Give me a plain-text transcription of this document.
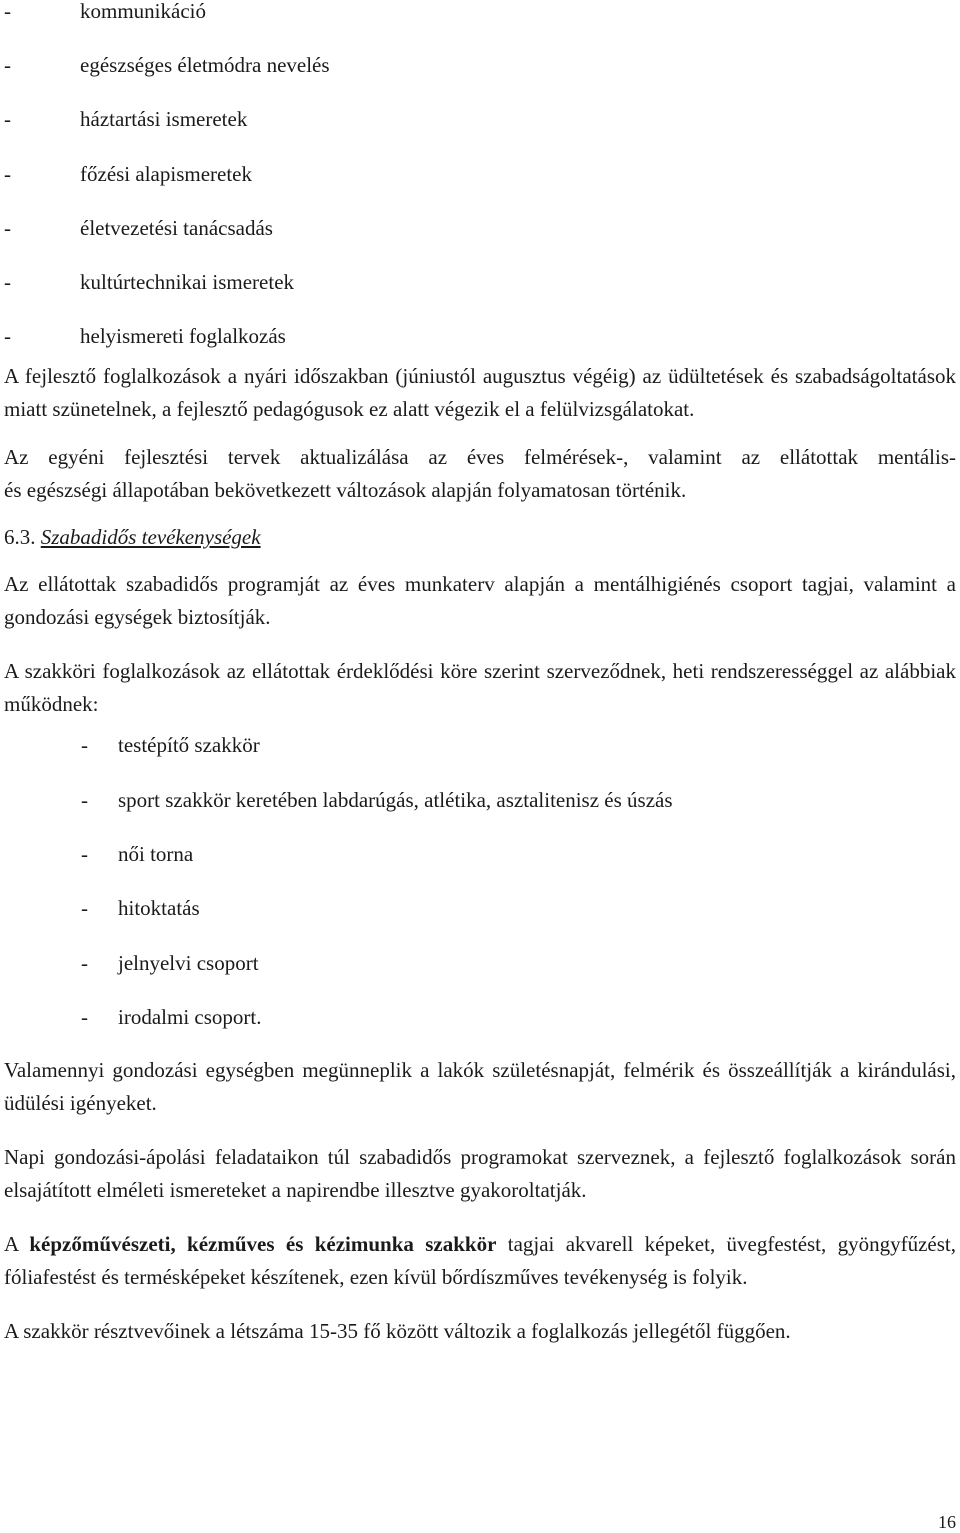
-	kommunikáció
-	egészséges életmódra nevelés
-	háztartási ismeretek
-	főzési alapismeretek
-	életvezetési tanácsadás
-	kultúrtechnikai ismeretek
-	helyismereti foglalkozás

A fejlesztő foglalkozások a nyári időszakban (júniustól augusztus végéig) az üdültetések és szabadságoltatások miatt szünetelnek, a fejlesztő pedagógusok ez alatt végezik el a felülvizsgálatokat.

Az egyéni fejlesztési tervek aktualizálása az éves felmérések-, valamint az ellátottak mentális-

és egészségi állapotában bekövetkezett változások alapján folyamatosan történik.

6.3. Szabadidős tevékenységek

Az ellátottak szabadidős programját az éves munkaterv alapján a mentálhigiénés csoport tagjai, valamint a gondozási egységek biztosítják.

A szakköri foglalkozások az ellátottak érdeklődési köre szerint szerveződnek, heti rendszerességgel az alábbiak működnek:

- testépítő szakkör
- sport szakkör keretében labdarúgás, atlétika, asztalitenisz és úszás
- női torna
- hitoktatás
- jelnyelvi csoport
- irodalmi csoport.

Valamennyi gondozási egységben megünneplik a lakók születésnapját, felmérik és összeállítják a kirándulási, üdülési igényeket.

Napi gondozási-ápolási feladataikon túl szabadidős programokat szerveznek, a fejlesztő foglalkozások során elsajátított elméleti ismereteket a napirendbe illesztve gyakoroltatják.

A képzőművészeti, kézműves és kézimunka szakkör tagjai akvarell képeket, üvegfestést, gyöngyfűzést, fóliafestést és termésképeket készítenek, ezen kívül bőrdíszműves tevékenység is folyik.

A szakkör résztvevőinek a létszáma 15-35 fő között változik a foglalkozás jellegétől függően.

16
